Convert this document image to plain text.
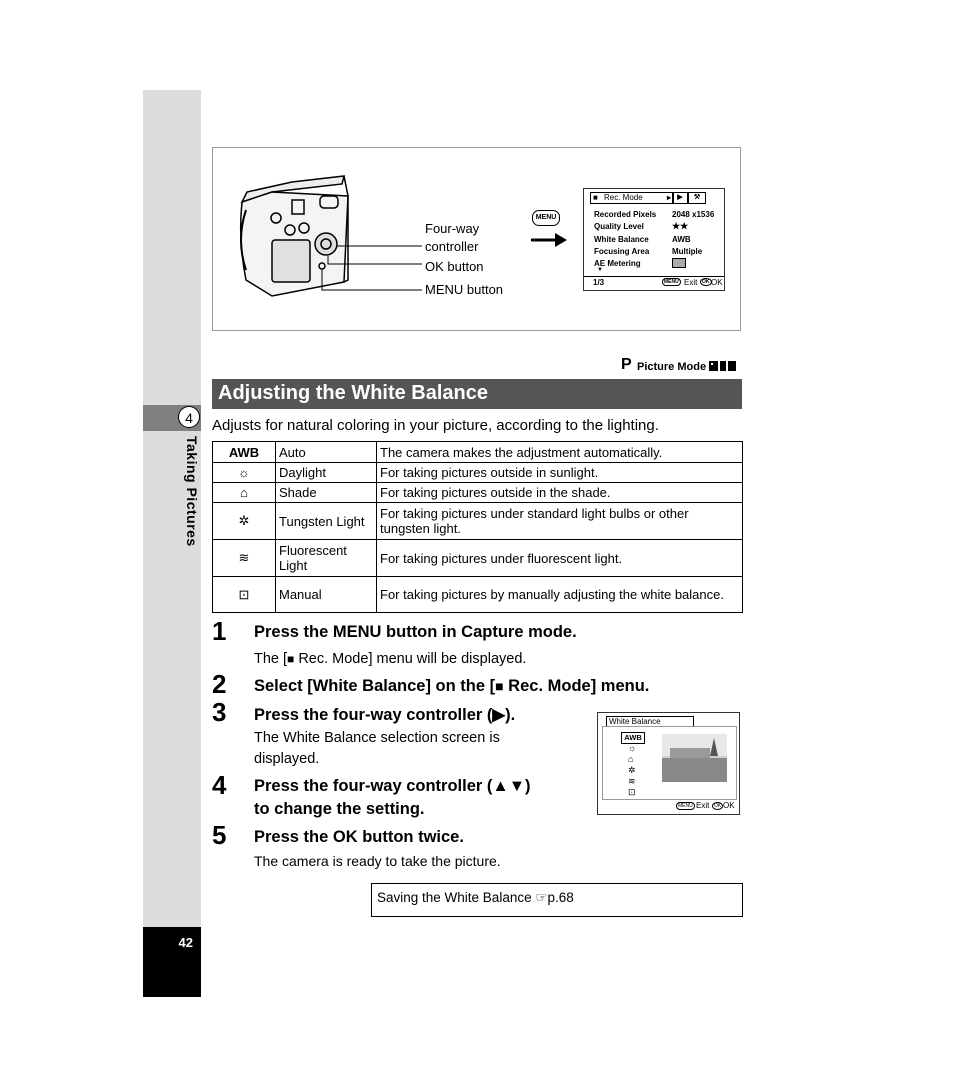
4
Taking Pictures
42
Four-way
controller
OK button
MENU button
MENU
■ Rec. Mode	▸ ▶	⚒
Recorded Pixels 2048 x1536
Quality Level	★★
White Balance	AWB
Focusing Area	Multiple
AE Metering
▼
1/3	MENU Exit OK OK
P Picture Mode
Adjusting the White Balance
Adjusts for natural coloring in your picture, according to the lighting.
AWB	Auto	The camera makes the adjustment automatically.
☼	Daylight	For taking pictures outside in sunlight.
⌂	Shade	For taking pictures outside in the shade.
✲	Tungsten Light	For taking pictures under standard light bulbs or other tungsten light.
≋	Fluorescent Light	For taking pictures under fluorescent light.
⊡	Manual	For taking pictures by manually adjusting the white balance.
1 Press the MENU button in Capture mode.
The [■ Rec. Mode] menu will be displayed.
2 Select [White Balance] on the [■ Rec. Mode] menu.
3 Press the four-way controller (▶).
The White Balance selection screen is
displayed.
4 Press the four-way controller (▲▼)
to change the setting.
5 Press the OK button twice.
The camera is ready to take the picture.
White Balance
AWB
☼
⌂
✲
≋
⊡
MENU Exit OK OK
Saving the White Balance ☞p.68
